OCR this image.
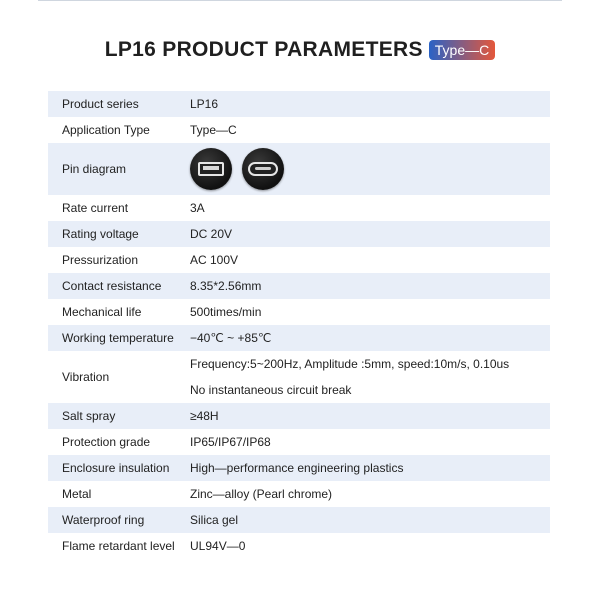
LP16 PRODUCT PARAMETERS Type—C
Product series	LP16
Application Type	Type—C
Pin diagram	

Rate current	3A
Rating voltage	DC 20V
Pressurization	AC 100V
Contact resistance	8.35*2.56mm
Mechanical life	500times/min
Working temperature	−40℃ ~ +85℃
Vibration	Frequency:5~200Hz, Amplitude :5mm, speed:10m/s, 0.10us
No instantaneous circuit break

Salt spray	≥48H
Protection grade	IP65/IP67/IP68
Enclosure insulation	High—performance engineering plastics
Metal	Zinc—alloy (Pearl chrome)
Waterproof ring	Silica gel
Flame retardant level	UL94V—0
